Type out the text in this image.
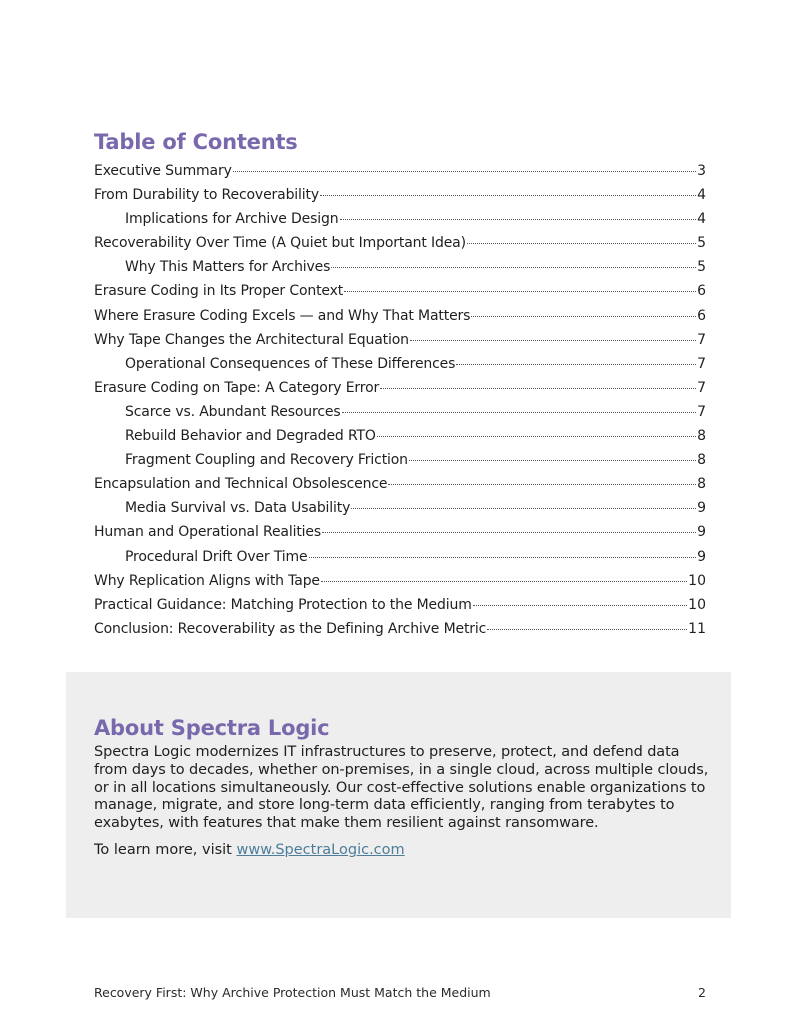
Table of Contents
Executive Summary	3
From Durability to Recoverability	4
Implications for Archive Design	4
Recoverability Over Time (A Quiet but Important Idea)	5
Why This Matters for Archives	5
Erasure Coding in Its Proper Context	6
Where Erasure Coding Excels — and Why That Matters	6
Why Tape Changes the Architectural Equation	7
Operational Consequences of These Differences	7
Erasure Coding on Tape: A Category Error	7
Scarce vs. Abundant Resources	7
Rebuild Behavior and Degraded RTO	8
Fragment Coupling and Recovery Friction	8
Encapsulation and Technical Obsolescence	8
Media Survival vs. Data Usability	9
Human and Operational Realities	9
Procedural Drift Over Time	9
Why Replication Aligns with Tape	10
Practical Guidance: Matching Protection to the Medium	10
Conclusion: Recoverability as the Defining Archive Metric	11
About Spectra Logic

Spectra Logic modernizes IT infrastructures to preserve, protect, and defend data from days to decades, whether on-premises, in a single cloud, across multiple clouds, or in all locations simultaneously. Our cost-effective solutions enable organizations to manage, migrate, and store long-term data efficiently, ranging from terabytes to exabytes, with features that make them resilient against ransomware.

To learn more, visit www.SpectraLogic.com

Recovery First: Why Archive Protection Must Match the Medium	2
